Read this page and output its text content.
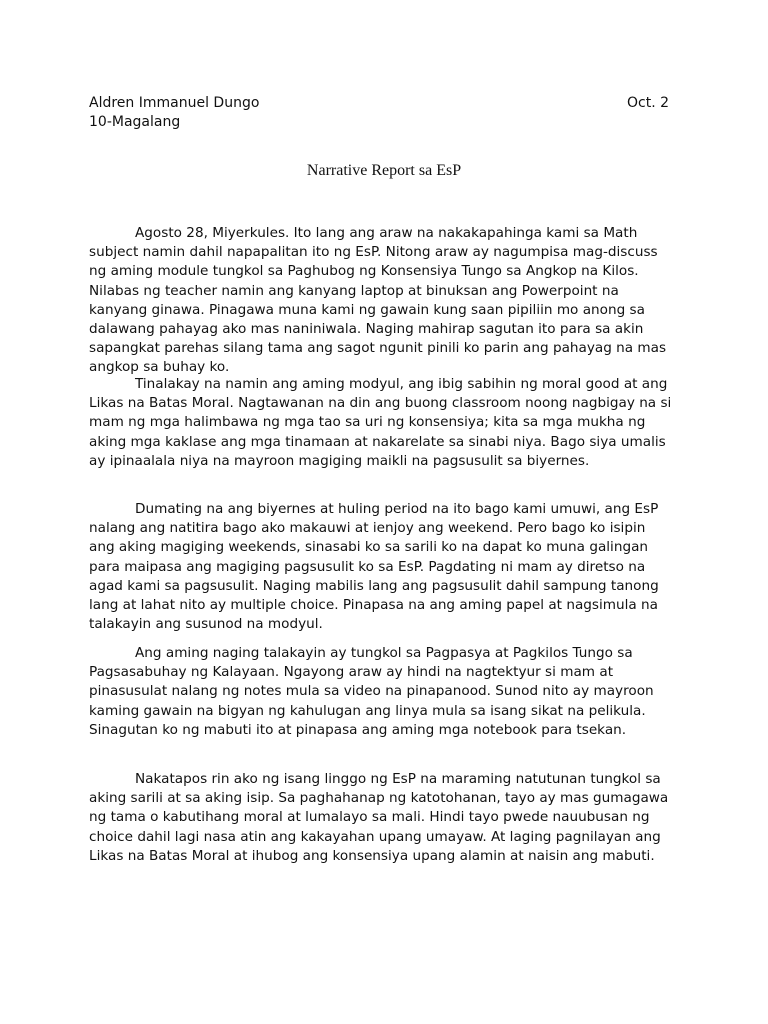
Aldren Immanuel Dungo
10-Magalang
Oct. 2
Narrative Report sa EsP

Agosto 28, Miyerkules. Ito lang ang araw na nakakapahinga kami sa Math subject namin dahil napapalitan ito ng EsP. Nitong araw ay nagumpisa mag-discuss ng aming module tungkol sa Paghubog ng Konsensiya Tungo sa Angkop na Kilos. Nilabas ng teacher namin ang kanyang laptop at binuksan ang Powerpoint na kanyang ginawa. Pinagawa muna kami ng gawain kung saan pipiliin mo anong sa dalawang pahayag ako mas naniniwala. Naging mahirap sagutan ito para sa akin sapangkat parehas silang tama ang sagot ngunit pinili ko parin ang pahayag na mas angkop sa buhay ko.

Tinalakay na namin ang aming modyul, ang ibig sabihin ng moral good at ang Likas na Batas Moral. Nagtawanan na din ang buong classroom noong nagbigay na si mam ng mga halimbawa ng mga tao sa uri ng konsensiya; kita sa mga mukha ng aking mga kaklase ang mga tinamaan at nakarelate sa sinabi niya. Bago siya umalis ay ipinaalala niya na mayroon magiging maikli na pagsusulit sa biyernes.

Dumating na ang biyernes at huling period na ito bago kami umuwi, ang EsP nalang ang natitira bago ako makauwi at ienjoy ang weekend. Pero bago ko isipin ang aking magiging weekends, sinasabi ko sa sarili ko na dapat ko muna galingan para maipasa ang magiging pagsusulit ko sa EsP. Pagdating ni mam ay diretso na agad kami sa pagsusulit. Naging mabilis lang ang pagsusulit dahil sampung tanong lang at lahat nito ay multiple choice. Pinapasa na ang aming papel at nagsimula na talakayin ang susunod na modyul.

Ang aming naging talakayin ay tungkol sa Pagpasya at Pagkilos Tungo sa Pagsasabuhay ng Kalayaan. Ngayong araw ay hindi na nagtektyur si mam at pinasusulat nalang ng notes mula sa video na pinapanood. Sunod nito ay mayroon kaming gawain na bigyan ng kahulugan ang linya mula sa isang sikat na pelikula. Sinagutan ko ng mabuti ito at pinapasa ang aming mga notebook para tsekan.

Nakatapos rin ako ng isang linggo ng EsP na maraming natutunan tungkol sa aking sarili at sa aking isip. Sa paghahanap ng katotohanan, tayo ay mas gumagawa ng tama o kabutihang moral at lumalayo sa mali. Hindi tayo pwede nauubusan ng choice dahil lagi nasa atin ang kakayahan upang umayaw. At laging pagnilayan ang Likas na Batas Moral at ihubog ang konsensiya upang alamin at naisin ang mabuti.
